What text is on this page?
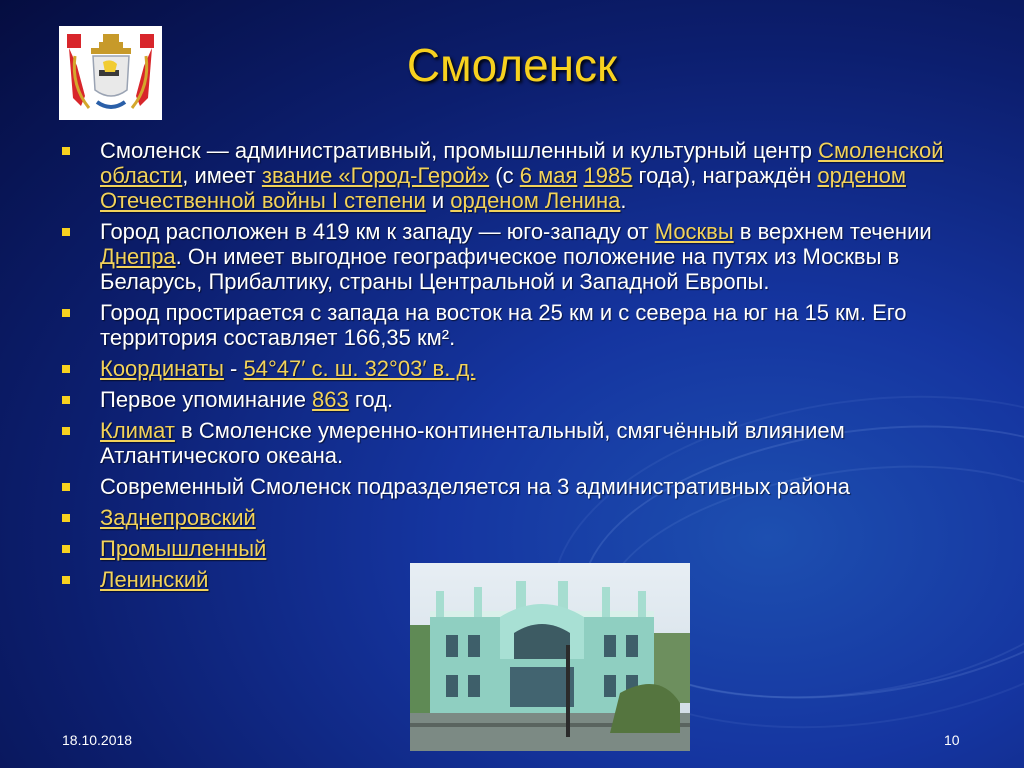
Смоленск
Смоленск — административный, промышленный и культурный центр Смоленской области, имеет звание «Город-Герой» (с 6 мая 1985 года), награждён орденом Отечественной войны I степени и орденом Ленина.
Город расположен в 419 км к западу — юго-западу от Москвы в верхнем течении Днепра. Он имеет выгодное географическое положение на путях из Москвы в Беларусь, Прибалтику, страны Центральной и Западной Европы.
Город простирается с запада на восток на 25 км и с севера на юг на 15 км. Его территория составляет 166,35 км².
Координаты - 54°47′ с. ш. 32°03′ в. д.
Первое упоминание 863 год.
Климат в Смоленске умеренно-континентальный, смягчённый влиянием Атлантического океана.
Современный Смоленск подразделяется на 3 административных района
Заднепровский
Промышленный
Ленинский
18.10.2018	10
